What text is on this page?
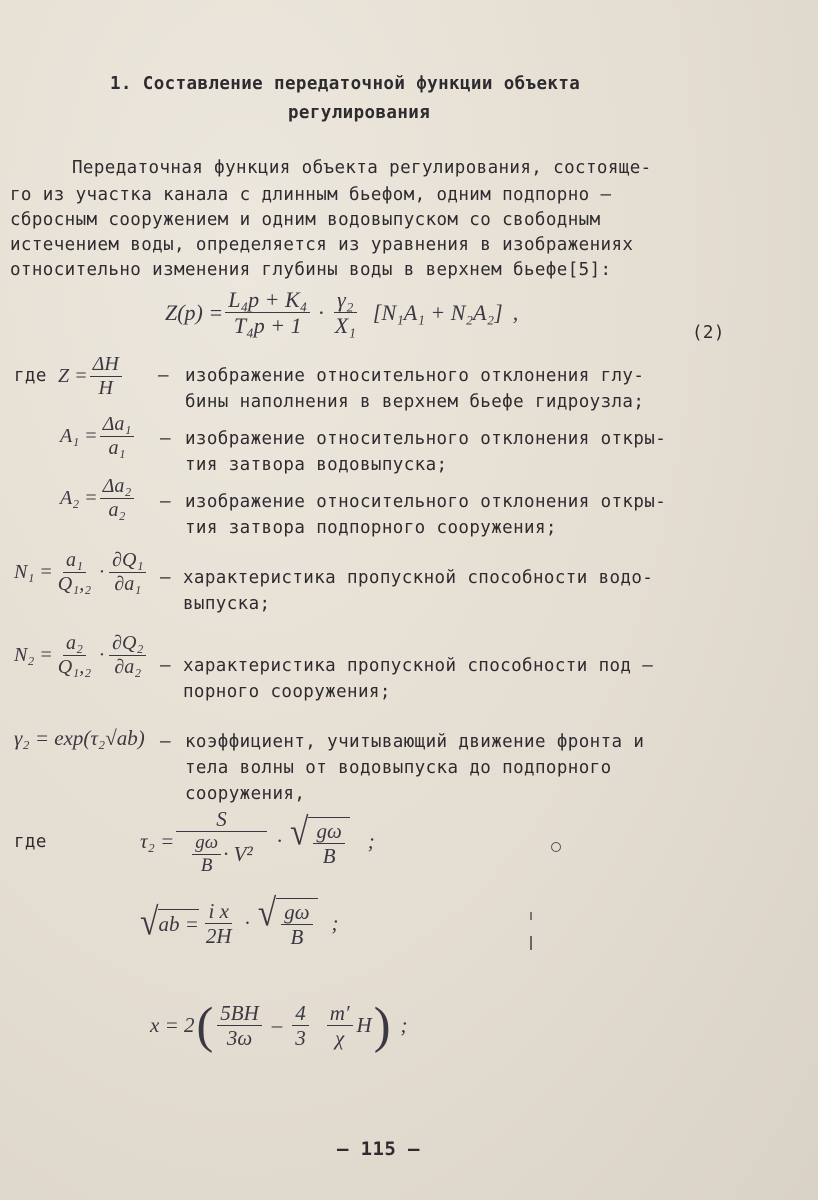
1. Составление передаточной функции объекта
регулирования
Передаточная функция объекта регулирования, состояще-
го из участка канала с длинным бьефом, одним подпорно –
сбросным сооружением и одним водовыпуском со свободным
истечением воды, определяется из уравнения в изображениях
относительно изменения глубины воды в верхнем бьефе[5]:
$Z(p) = \frac{\text{L₄p + K₄}}{\text{T₄p + 1}} \cdot \frac{\text{γ₂}}{\text{X₁}} [N_1A_1 + N_2A_2]$ ,
(2)
где $Z = \frac{\Delta H}{H}$ – изображение относительного отклонения глу-
бины наполнения в верхнем бьефе гидроузла;
$A_1 = \frac{\text{Δa₁}}{\text{a₁}}$ – изображение относительного отклонения откры-
тия затвора водовыпуска;
$A_2 = \frac{\text{Δa₂}}{\text{a₂}}$ – изображение относительного отклонения откры-
тия затвора подпорного сооружения;
$N_1 = \frac{\text{a₁}}{\text{Q₁,₂}} \cdot \frac{\text{∂Q₁}}{\text{∂a₁}}$ – характеристика пропускной способности водо-
выпуска;
$N_2 = \frac{\text{a₂}}{\text{Q₁,₂}} \cdot \frac{\text{∂Q₂}}{\text{∂a₂}}$ – характеристика пропускной способности под –
порного сооружения;
γ₂ = exp(τ₂√ab) – коэффициент, учитывающий движение фронта и
тела волны от водовыпуска до подпорного
сооружения,
где	$\tau_2 = \frac{S}{\frac{g\omega}{B} \cdot V^2}$ · √ $\frac{g\omega}{B}$ ;
√ ab = $\frac{\text{i x}}{2H}$ · √ $\frac{g\omega}{B}$ ;
x = 2 ( $\frac{5BH}{3\omega} - \frac{4}{3} \frac{m'}{\chi}$ H ) ;
– 115 –
